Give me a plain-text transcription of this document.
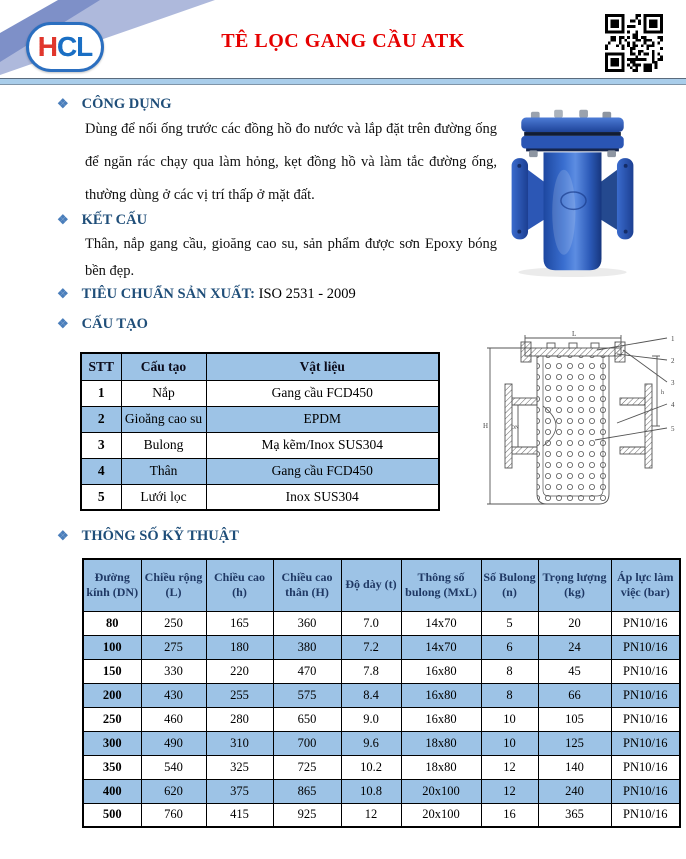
H CL	TÊ LỌC GANG CẦU ATK
❖ CÔNG DỤNG
Dùng để nối ống trước các đồng hồ đo nước và lắp đặt trên đường ống để ngăn rác chạy qua làm hỏng, kẹt đồng hồ và làm tắc đường ống, thường dùng ở các vị trí thấp ở mặt đất.
❖ KẾT CẤU
Thân, nắp gang cầu, gioăng cao su, sản phẩm được sơn Epoxy bóng bền đẹp.
❖ TIÊU CHUẨN SẢN XUẤT: ISO 2531 - 2009
❖ CẤU TẠO
STT	Cấu tạo	Vật liệu
1	Nắp	Gang cầu FCD450
2	Gioăng cao su	EPDM
3	Bulong	Mạ kẽm/Inox SUS304
4	Thân	Gang cầu FCD450
5	Lưới lọc	Inox SUS304
L
H	DN
h
1
2
3
4
5
❖ THÔNG SỐ KỸ THUẬT
Đường kính (DN)	Chiều rộng (L)	Chiều cao (h)	Chiều cao thân (H)	Độ dày (t)	Thông số bulong (MxL)	Số Bulong (n)	Trọng lượng (kg)	Áp lực làm việc (bar)
80	250	165	360	7.0	14x70	5	20	PN10/16
100	275	180	380	7.2	14x70	6	24	PN10/16
150	330	220	470	7.8	16x80	8	45	PN10/16
200	430	255	575	8.4	16x80	8	66	PN10/16
250	460	280	650	9.0	16x80	10	105	PN10/16
300	490	310	700	9.6	18x80	10	125	PN10/16
350	540	325	725	10.2	18x80	12	140	PN10/16
400	620	375	865	10.8	20x100	12	240	PN10/16
500	760	415	925	12	20x100	16	365	PN10/16
